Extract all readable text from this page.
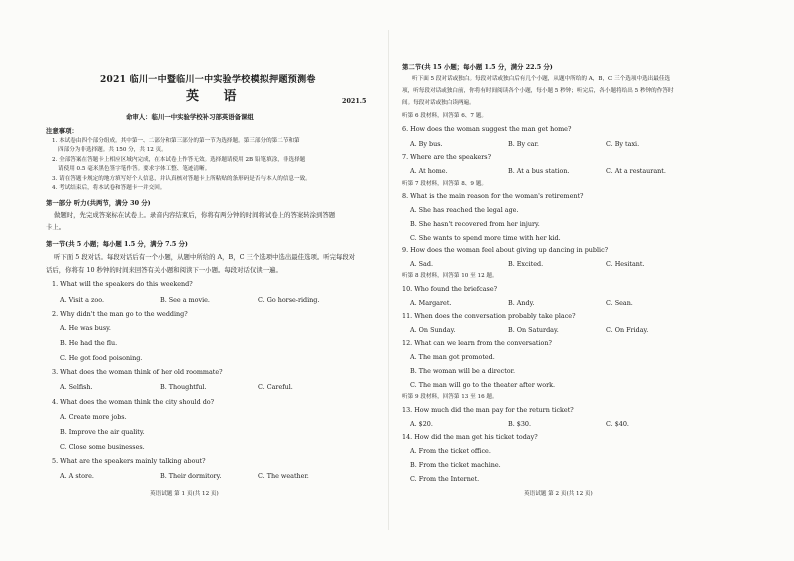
2021 临川一中暨临川一中实验学校模拟押题预测卷
英 语	2021.5
命审人：临川一中实验学校补习部英语备课组
注意事项：
1. 本试卷由四个部分组成。其中第一、二部分和第三部分的第一节为选择题。第三部分的第二节和第
四部分为非选择题。共 150 分，共 12 页。
2. 全部答案在答题卡上相应区域内完成，在本试卷上作答无效。选择题请使用 2B 铅笔填涂，非选择题
请使用 0.5 毫米黑色签字笔作答。要求字体工整、笔迹清晰。
3. 请在答题卡规定的地方填写好个人信息，并认真核对答题卡上所粘贴的条形码是否与本人的信息一致。
4. 考试结束后，将本试卷和答题卡一并交回。
第一部分 听力(共两节，满分 30 分)
做题时，先完成答案标在试卷上。录音内容结束后，你将有两分钟的时间将试卷上的答案转涂到答题
卡上。
第一节(共 5 小题；每小题 1.5 分，满分 7.5 分)
听下面 5 段对话。每段对话后有一个小题，从题中所给的 A，B，C 三个选项中选出最佳选项。听完每段对
话后，你将有 10 秒钟的时间来回答有关小题和阅读下一小题。每段对话仅读一遍。
1. What will the speakers do this weekend?
A. Visit a zoo.	B. See a movie.	C. Go horse-riding.
2. Why didn't the man go to the wedding?
A. He was busy.
B. He had the flu.
C. He got food poisoning.
3. What does the woman think of her old roommate?
A. Selfish.	B. Thoughtful.	C. Careful.
4. What does the woman think the city should do?
A. Create more jobs.
B. Improve the air quality.
C. Close some businesses.
5. What are the speakers mainly talking about?
A. A store.	B. Their dormitory.	C. The weather.
英语试题 第 1 页(共 12 页)
第二节(共 15 小题；每小题 1.5 分，满分 22.5 分)
听下面 5 段对话或独白。每段对话或独白后有几个小题，从题中所给的 A，B，C 三个选项中选出最佳选
项，听每段对话或独白前，你将有时间阅读各个小题，每小题 5 秒钟；听完后，各小题将给出 5 秒钟的作答时
间。每段对话或独白读两遍。
听第 6 段材料，回答第 6、7 题。
6. How does the woman suggest the man get home?
A. By bus.	B. By car.	C. By taxi.
7. Where are the speakers?
A. At home.	B. At a bus station.	C. At a restaurant.
听第 7 段材料，回答第 8、9 题。
8. What is the main reason for the woman's retirement?
A. She has reached the legal age.
B. She hasn't recovered from her injury.
C. She wants to spend more time with her kid.
9. How does the woman feel about giving up dancing in public?
A. Sad.	B. Excited.	C. Hesitant.
听第 8 段材料，回答第 10 至 12 题。
10. Who found the briefcase?
A. Margaret.	B. Andy.	C. Sean.
11. When does the conversation probably take place?
A. On Sunday.	B. On Saturday.	C. On Friday.
12. What can we learn from the conversation?
A. The man got promoted.
B. The woman will be a director.
C. The man will go to the theater after work.
听第 9 段材料，回答第 13 至 16 题。
13. How much did the man pay for the return ticket?
A. $20.	B. $30.	C. $40.
14. How did the man get his ticket today?
A. From the ticket office.
B. From the ticket machine.
C. From the Internet.
英语试题 第 2 页(共 12 页)
